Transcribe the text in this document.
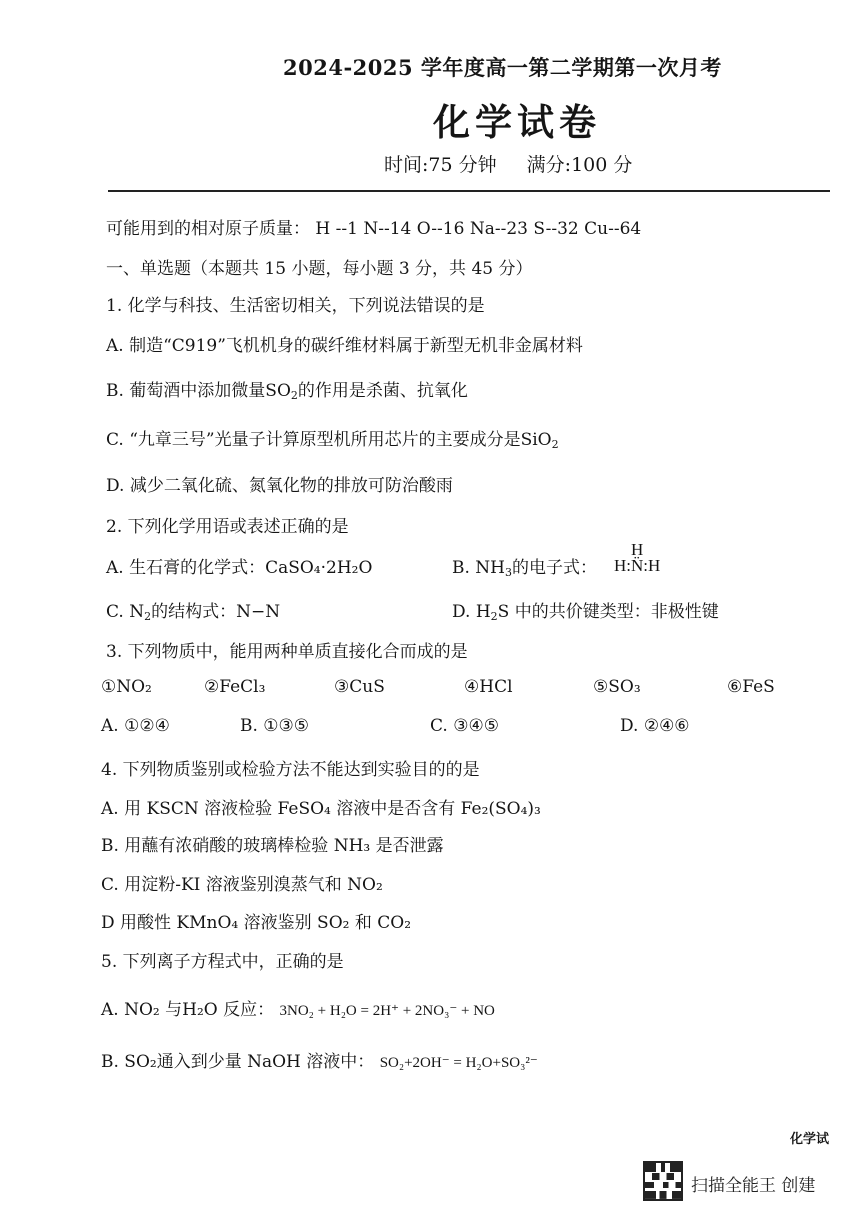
2024-2025 学年度高一第二学期第一次月考
化学试卷
时间:75 分钟 满分:100 分
可能用到的相对原子质量： H --1 N--14 O--16 Na--23 S--32 Cu--64
一、单选题（本题共 15 小题，每小题 3 分，共 45 分）
1. 化学与科技、生活密切相关，下列说法错误的是
A. 制造“C919”飞机机身的碳纤维材料属于新型无机非金属材料
B. 葡萄酒中添加微量$SO_2$的作用是杀菌、抗氧化
C. “九章三号”光量子计算原型机所用芯片的主要成分是SiO$_2$
D. 减少二氧化硫、氮氧化物的排放可防治酸雨
2. 下列化学用语或表述正确的是
A. 生石膏的化学式：CaSO₄·2H₂O	B. $NH_3$的电子式：
H
H:N̈:H
C. $N_2$的结构式：N−N	D. $H_2S$ 中的共价键类型：非极性键
3. 下列物质中，能用两种单质直接化合而成的是
①NO₂	②FeCl₃	③CuS	④HCl	⑤SO₃	⑥FeS
A. ①②④	B. ①③⑤	C. ③④⑤	D. ②④⑥
4. 下列物质鉴别或检验方法不能达到实验目的的是
A. 用 KSCN 溶液检验 FeSO₄ 溶液中是否含有 Fe₂(SO₄)₃
B. 用蘸有浓硝酸的玻璃棒检验 NH₃ 是否泄露
C. 用淀粉-KI 溶液鉴别溴蒸气和 NO₂
D 用酸性 KMnO₄ 溶液鉴别 SO₂ 和 CO₂
5. 下列离子方程式中，正确的是
A. NO₂ 与H₂O 反应： 3NO₂ + H₂O = 2H⁺ + 2NO₃⁻ + NO
B. SO₂通入到少量 NaOH 溶液中： SO₂+2OH⁻ = H₂O+SO₃²⁻
化学试
扫描全能王 创建
